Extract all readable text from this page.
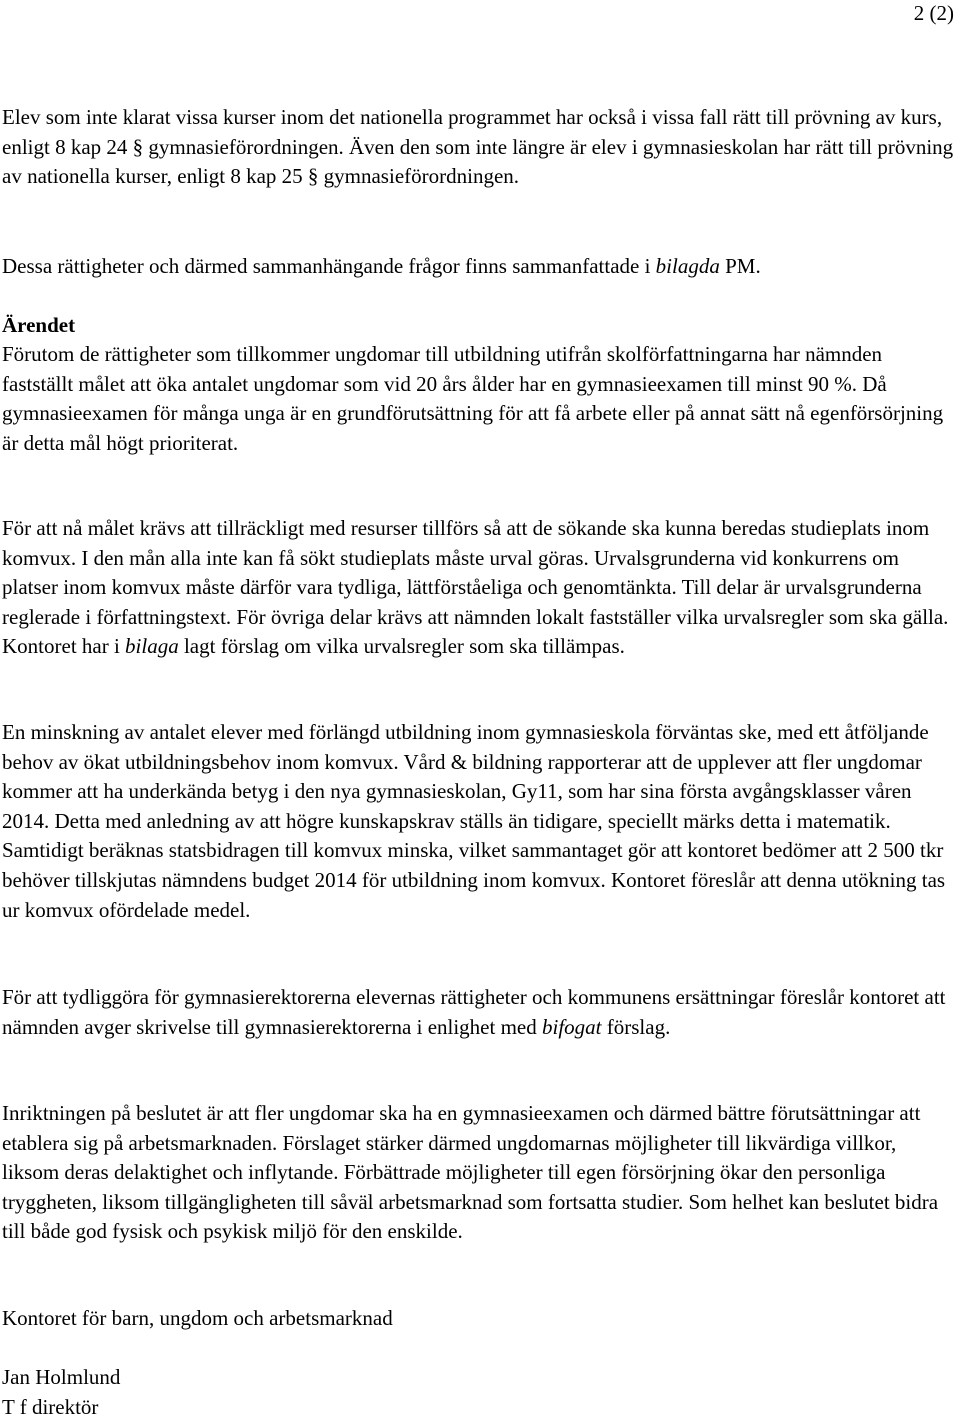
2 (2)

Elev som inte klarat vissa kurser inom det nationella programmet har också i vissa fall rätt till prövning av kurs, enligt 8 kap 24 § gymnasieförordningen. Även den som inte längre är elev i gymnasieskolan har rätt till prövning av nationella kurser, enligt 8 kap 25 § gymnasieförordningen.

Dessa rättigheter och därmed sammanhängande frågor finns sammanfattade i bilagda PM.

Ärendet

Förutom de rättigheter som tillkommer ungdomar till utbildning utifrån skolförfattningarna har nämnden fastställt målet att öka antalet ungdomar som vid 20 års ålder har en gymnasieexamen till minst 90 %. Då gymnasieexamen för många unga är en grundförutsättning för att få arbete eller på annat sätt nå egenförsörjning är detta mål högt prioriterat.

För att nå målet krävs att tillräckligt med resurser tillförs så att de sökande ska kunna beredas studieplats inom komvux. I den mån alla inte kan få sökt studieplats måste urval göras. Urvalsgrunderna vid konkurrens om platser inom komvux måste därför vara tydliga, lättförståeliga och genomtänkta. Till delar är urvalsgrunderna reglerade i författningstext. För övriga delar krävs att nämnden lokalt fastställer vilka urvalsregler som ska gälla. Kontoret har i bilaga lagt förslag om vilka urvalsregler som ska tillämpas.

En minskning av antalet elever med förlängd utbildning inom gymnasieskola förväntas ske, med ett åtföljande behov av ökat utbildningsbehov inom komvux. Vård & bildning rapporterar att de upplever att fler ungdomar kommer att ha underkända betyg i den nya gymnasieskolan, Gy11, som har sina första avgångsklasser våren 2014. Detta med anledning av att högre kunskapskrav ställs än tidigare, speciellt märks detta i matematik. Samtidigt beräknas statsbidragen till komvux minska, vilket sammantaget gör att kontoret bedömer att 2 500 tkr behöver tillskjutas nämndens budget 2014 för utbildning inom komvux. Kontoret föreslår att denna utökning tas ur komvux ofördelade medel.

För att tydliggöra för gymnasierektorerna elevernas rättigheter och kommunens ersättningar föreslår kontoret att nämnden avger skrivelse till gymnasierektorerna i enlighet med bifogat förslag.

Inriktningen på beslutet är att fler ungdomar ska ha en gymnasieexamen och därmed bättre förutsättningar att etablera sig på arbetsmarknaden. Förslaget stärker därmed ungdomarnas möjligheter till likvärdiga villkor, liksom deras delaktighet och inflytande. Förbättrade möjligheter till egen försörjning ökar den personliga tryggheten, liksom tillgängligheten till såväl arbetsmarknad som fortsatta studier. Som helhet kan beslutet bidra till både god fysisk och psykisk miljö för den enskilde.

Kontoret för barn, ungdom och arbetsmarknad

Jan Holmlund
T f direktör
